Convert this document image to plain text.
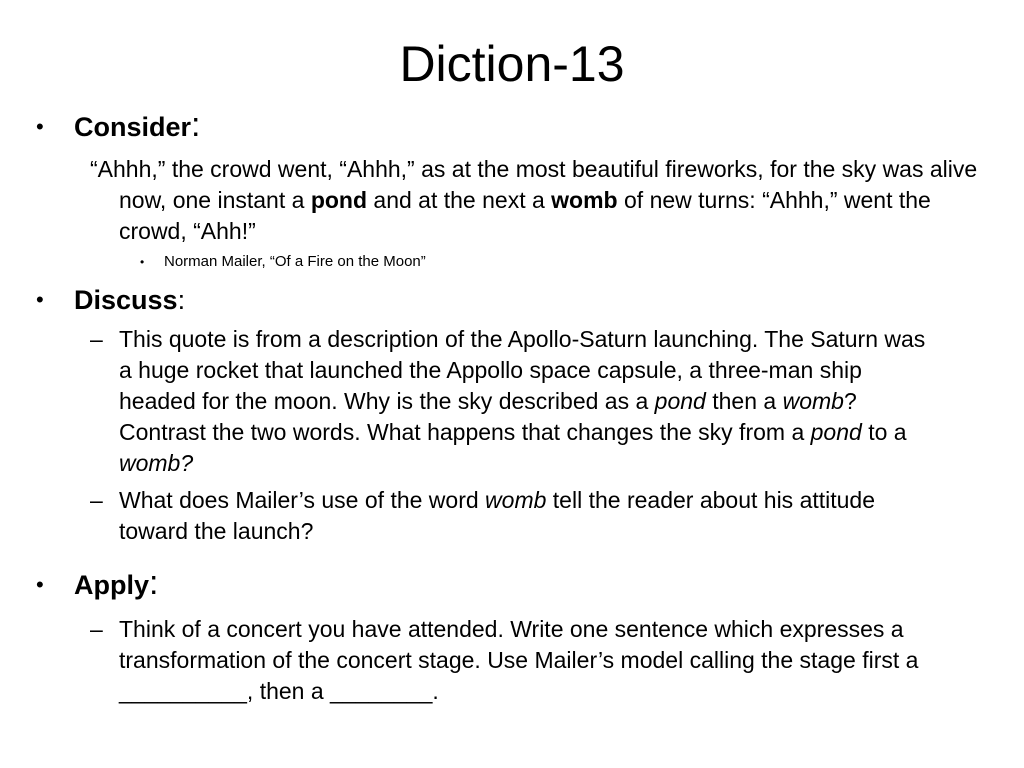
Diction-13
• Consider:
“Ahhh,” the crowd went, “Ahhh,” as at the most beautiful fireworks, for the sky was alive now, one instant a pond and at the next a womb of new turns: “Ahhh,” went the crowd, “Ahh!”
• Norman Mailer, “Of a Fire on the Moon”
• Discuss:
– This quote is from a description of the Apollo-Saturn launching. The Saturn was a huge rocket that launched the Appollo space capsule, a three-man ship headed for the moon. Why is the sky described as a pond then a womb? Contrast the two words. What happens that changes the sky from a pond to a womb?
– What does Mailer’s use of the word womb tell the reader about his attitude toward the launch?
• Apply:
– Think of a concert you have attended. Write one sentence which expresses a transformation of the concert stage. Use Mailer’s model calling the stage first a __________, then a ________.
